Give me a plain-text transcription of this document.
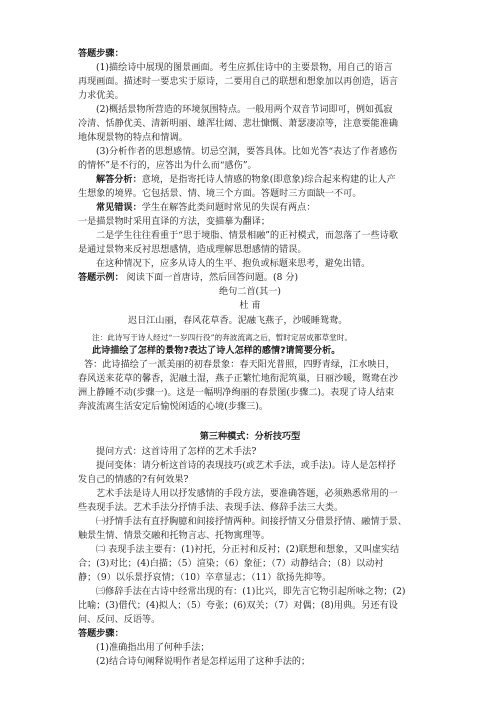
答题步骤：
(1)描绘诗中展现的图景画面。考生应抓住诗中的主要景物，用自己的语言
再现画面。描述时一要忠实于原诗，二要用自己的联想和想象加以再创造，语言
力求优美。
(2)概括景物所营造的环境氛围特点。一般用两个双音节词即可，例如孤寂
冷清、恬静优美、清新明丽、雄浑壮阔、悲壮慷慨、萧瑟凄凉等，注意要能准确
地体现景物的特点和情调。
(3)分析作者的思想感情。切忌空洞，要答具体。比如光答“表达了作者感伤
的情怀”是不行的，应答出为什么而“感伤”。
解答分析：意境，是指寄托诗人情感的物象(即意象)综合起来构建的让人产
生想象的境界。它包括景、情、境三个方面。答题时三方面缺一不可。
常见错误：学生在解答此类问题时常见的失误有两点：
一是描景物时采用直译的方法，变描摹为翻译；
二是学生往往看重于“思于境脂、情景相融”的正衬模式，而忽落了一些诗歌
是通过景物来反衬思想感情，造成理解思想感情的错误。
在这种情况下，应多从诗人的生平、抱负或标题来思考，避免出错。
答题示例： 阅读下面一首唐诗，然后回答问题。(8 分)
绝句二首(其一)
杜 甫
迟日江山丽，春风花草香。泥融飞燕子，沙暖睡鸳鸯。
注：此诗写于诗人经过“一岁四行役”的奔波流离之后，暂时定居成都草堂时。
此诗描绘了怎样的景物?表达了诗人怎样的感情?请简要分析。
答：此诗描绘了一派美丽的初春景象：春天阳光普照，四野青绿，江水映日，
春风送来花草的馨香，泥融土湿，燕子正繁忙地衔泥筑巢，日丽沙暖，鸳鸯在沙
洲上静睡不动(步骤一)。这是一幅明净绚丽的春景图(步骤二)。表现了诗人结束
奔波流离生活安定后愉悦闲适的心境(步骤三)。
第三种模式：分析技巧型
提问方式：这首诗用了怎样的艺术手法?
提问变体：请分析这首诗的表现技巧(或艺术手法，或手法)。诗人是怎样抒
发自己的情感的?有何效果?
艺术手法是诗人用以抒发感情的手段方法，要准确答题，必须熟悉常用的一
些表现手法。艺术手法分抒情手法、表现手法、修辞手法三大类。
㈠抒情手法有直抒胸臆和间接抒情两种。间接抒情又分借景抒情、融情于景、
触景生情、情景交融和托物言志、托物寓理等。
㈡ 表现手法主要有：(1)衬托，分正衬和反衬；(2)联想和想象，又叫虚实结
合；(3)对比；(4)白描；（5）渲染；（6）象征；（7）动静结合；（8）以动衬
静；（9）以乐景抒哀情；（10）卒章显志；（11）欲扬先抑等。
㈢修辞手法在古诗中经常出现的有：(1)比兴，即先言它物引起所咏之物；(2)
比喻；(3)借代；(4)拟人；（5）夸张；(6)双关；（7）对偶；(8)用典。另还有设
问、反问、反语等。
答题步骤：
(1)准确指出用了何种手法；
(2)结合诗句阐释说明作者是怎样运用了这种手法的；
